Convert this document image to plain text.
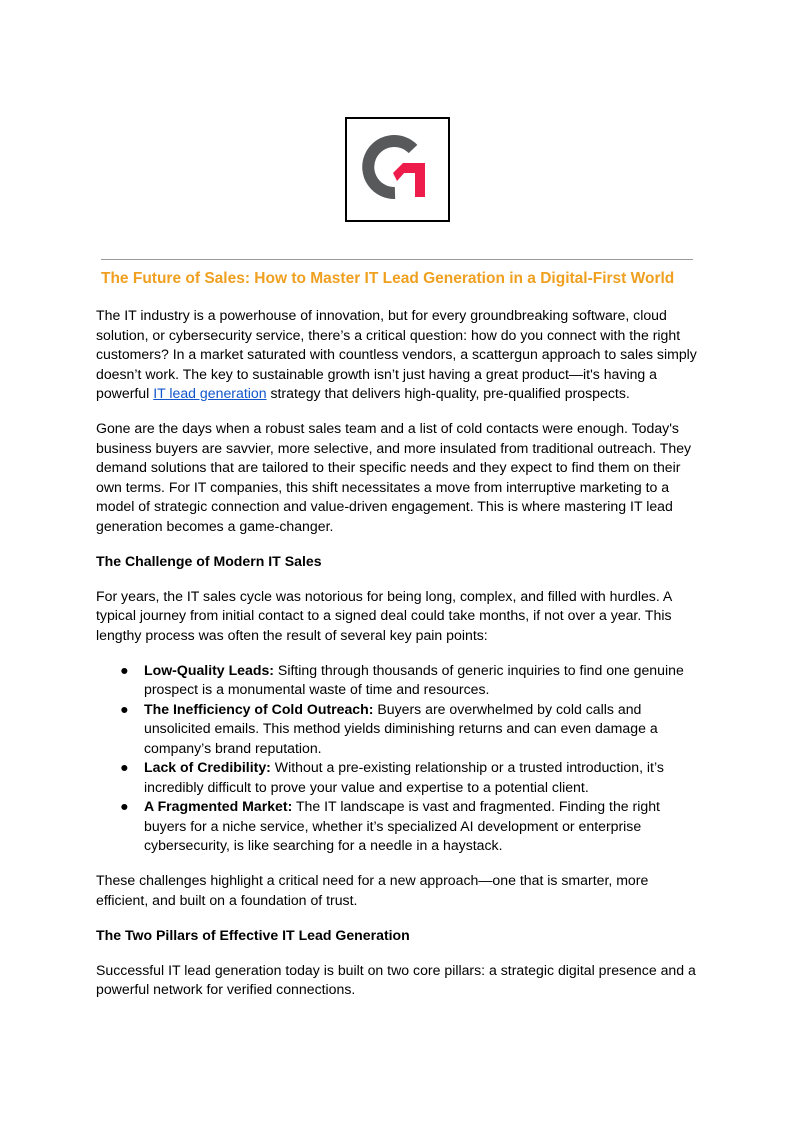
The Future of Sales: How to Master IT Lead Generation in a Digital-First World

The IT industry is a powerhouse of innovation, but for every groundbreaking software, cloud solution, or cybersecurity service, there’s a critical question: how do you connect with the right customers? In a market saturated with countless vendors, a scattergun approach to sales simply doesn’t work. The key to sustainable growth isn’t just having a great product—it's having a powerful IT lead generation strategy that delivers high-quality, pre-qualified prospects.

Gone are the days when a robust sales team and a list of cold contacts were enough. Today's business buyers are savvier, more selective, and more insulated from traditional outreach. They demand solutions that are tailored to their specific needs and they expect to find them on their own terms. For IT companies, this shift necessitates a move from interruptive marketing to a model of strategic connection and value-driven engagement. This is where mastering IT lead generation becomes a game-changer.

The Challenge of Modern IT Sales

For years, the IT sales cycle was notorious for being long, complex, and filled with hurdles. A typical journey from initial contact to a signed deal could take months, if not over a year. This lengthy process was often the result of several key pain points:

● Low-Quality Leads: Sifting through thousands of generic inquiries to find one genuine prospect is a monumental waste of time and resources.
● The Inefficiency of Cold Outreach: Buyers are overwhelmed by cold calls and unsolicited emails. This method yields diminishing returns and can even damage a company’s brand reputation.
● Lack of Credibility: Without a pre-existing relationship or a trusted introduction, it’s incredibly difficult to prove your value and expertise to a potential client.
● A Fragmented Market: The IT landscape is vast and fragmented. Finding the right buyers for a niche service, whether it’s specialized AI development or enterprise cybersecurity, is like searching for a needle in a haystack.

These challenges highlight a critical need for a new approach—one that is smarter, more efficient, and built on a foundation of trust.

The Two Pillars of Effective IT Lead Generation

Successful IT lead generation today is built on two core pillars: a strategic digital presence and a powerful network for verified connections.
